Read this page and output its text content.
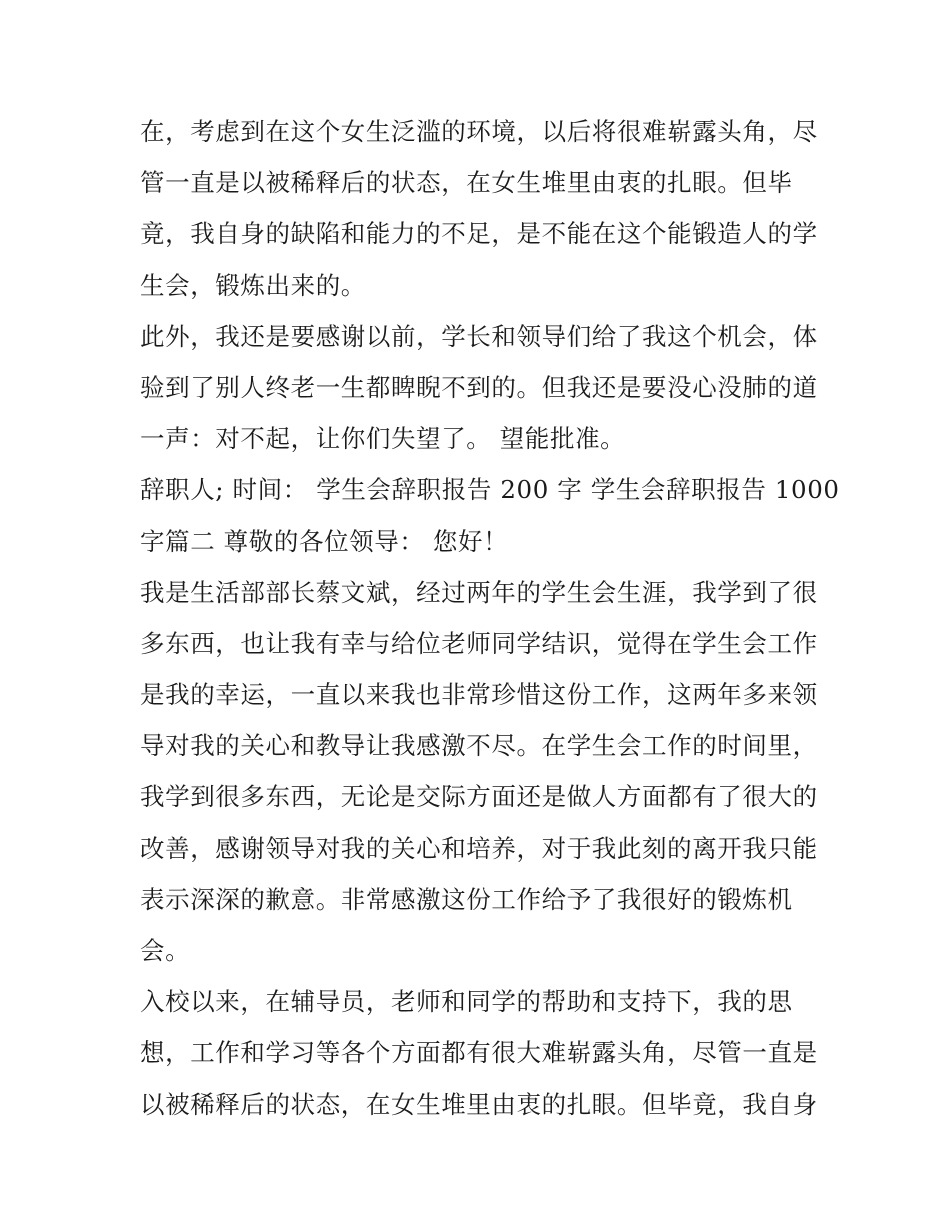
在，考虑到在这个女生泛滥的环境，以后将很难崭露头角，尽
管一直是以被稀释后的状态，在女生堆里由衷的扎眼。但毕
竟，我自身的缺陷和能力的不足，是不能在这个能锻造人的学
生会，锻炼出来的。
此外，我还是要感谢以前，学长和领导们给了我这个机会，体
验到了别人终老一生都睥睨不到的。但我还是要没心没肺的道
一声：对不起，让你们失望了。 望能批准。
辞职人; 时间： 学生会辞职报告 200 字 学生会辞职报告 1000
字篇二 尊敬的各位领导： 您好！
我是生活部部长蔡文斌，经过两年的学生会生涯，我学到了很
多东西，也让我有幸与给位老师同学结识，觉得在学生会工作
是我的幸运，一直以来我也非常珍惜这份工作，这两年多来领
导对我的关心和教导让我感激不尽。在学生会工作的时间里，
我学到很多东西，无论是交际方面还是做人方面都有了很大的
改善，感谢领导对我的关心和培养，对于我此刻的离开我只能
表示深深的歉意。非常感激这份工作给予了我很好的锻炼机
会。
入校以来，在辅导员，老师和同学的帮助和支持下，我的思
想，工作和学习等各个方面都有很大难崭露头角，尽管一直是
以被稀释后的状态，在女生堆里由衷的扎眼。但毕竟，我自身
